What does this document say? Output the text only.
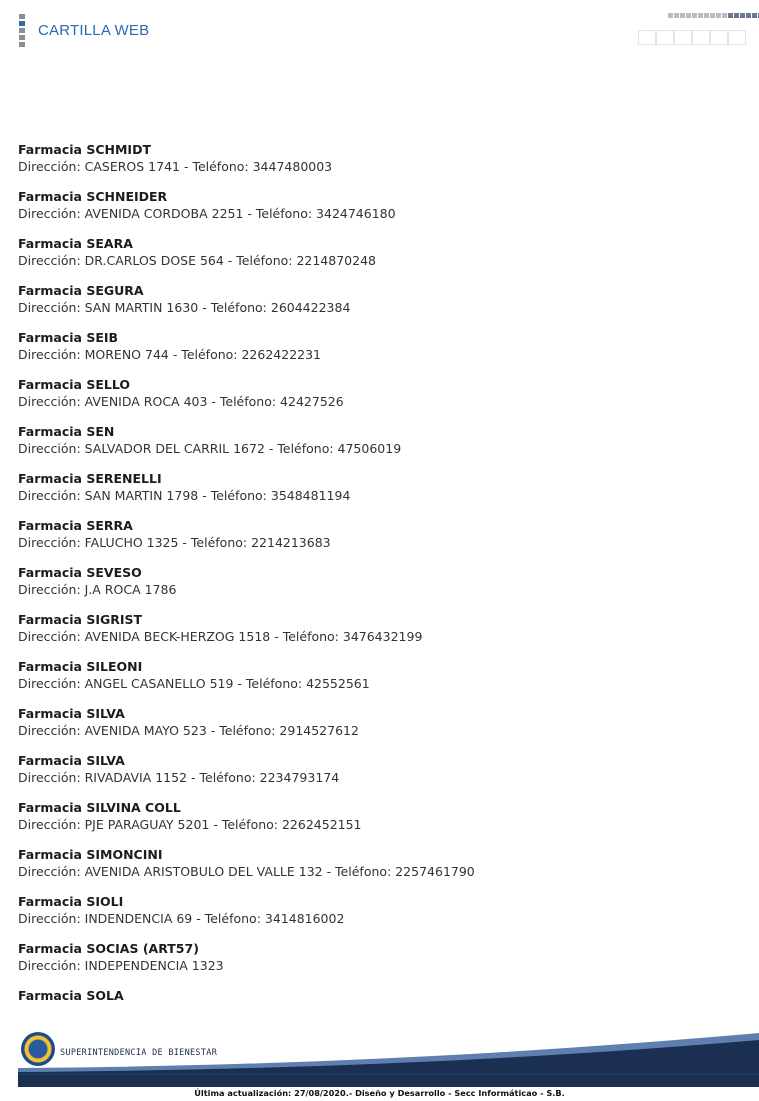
CARTILLA WEB
Farmacia SCHMIDT
Dirección: CASEROS 1741 - Teléfono: 3447480003
Farmacia SCHNEIDER
Dirección: AVENIDA CORDOBA 2251 - Teléfono: 3424746180
Farmacia SEARA
Dirección: DR.CARLOS DOSE 564 - Teléfono: 2214870248
Farmacia SEGURA
Dirección: SAN MARTIN 1630 - Teléfono: 2604422384
Farmacia SEIB
Dirección: MORENO 744 - Teléfono: 2262422231
Farmacia SELLO
Dirección: AVENIDA ROCA 403 - Teléfono: 42427526
Farmacia SEN
Dirección: SALVADOR DEL CARRIL 1672 - Teléfono: 47506019
Farmacia SERENELLI
Dirección: SAN MARTIN 1798 - Teléfono: 3548481194
Farmacia SERRA
Dirección: FALUCHO 1325 - Teléfono: 2214213683
Farmacia SEVESO
Dirección: J.A ROCA 1786
Farmacia SIGRIST
Dirección: AVENIDA BECK-HERZOG 1518 - Teléfono: 3476432199
Farmacia SILEONI
Dirección: ANGEL CASANELLO 519 - Teléfono: 42552561
Farmacia SILVA
Dirección: AVENIDA MAYO 523 - Teléfono: 2914527612
Farmacia SILVA
Dirección: RIVADAVIA 1152 - Teléfono: 2234793174
Farmacia SILVINA COLL
Dirección: PJE PARAGUAY 5201 - Teléfono: 2262452151
Farmacia SIMONCINI
Dirección: AVENIDA ARISTOBULO DEL VALLE 132 - Teléfono: 2257461790
Farmacia SIOLI
Dirección: INDENDENCIA 69 - Teléfono: 3414816002
Farmacia SOCIAS (ART57)
Dirección: INDEPENDENCIA 1323
Farmacia SOLA
SUPERINTENDENCIA DE BIENESTAR
Última actualización: 27/08/2020.- Diseño y Desarrollo - Secc Informáticao - S.B.
